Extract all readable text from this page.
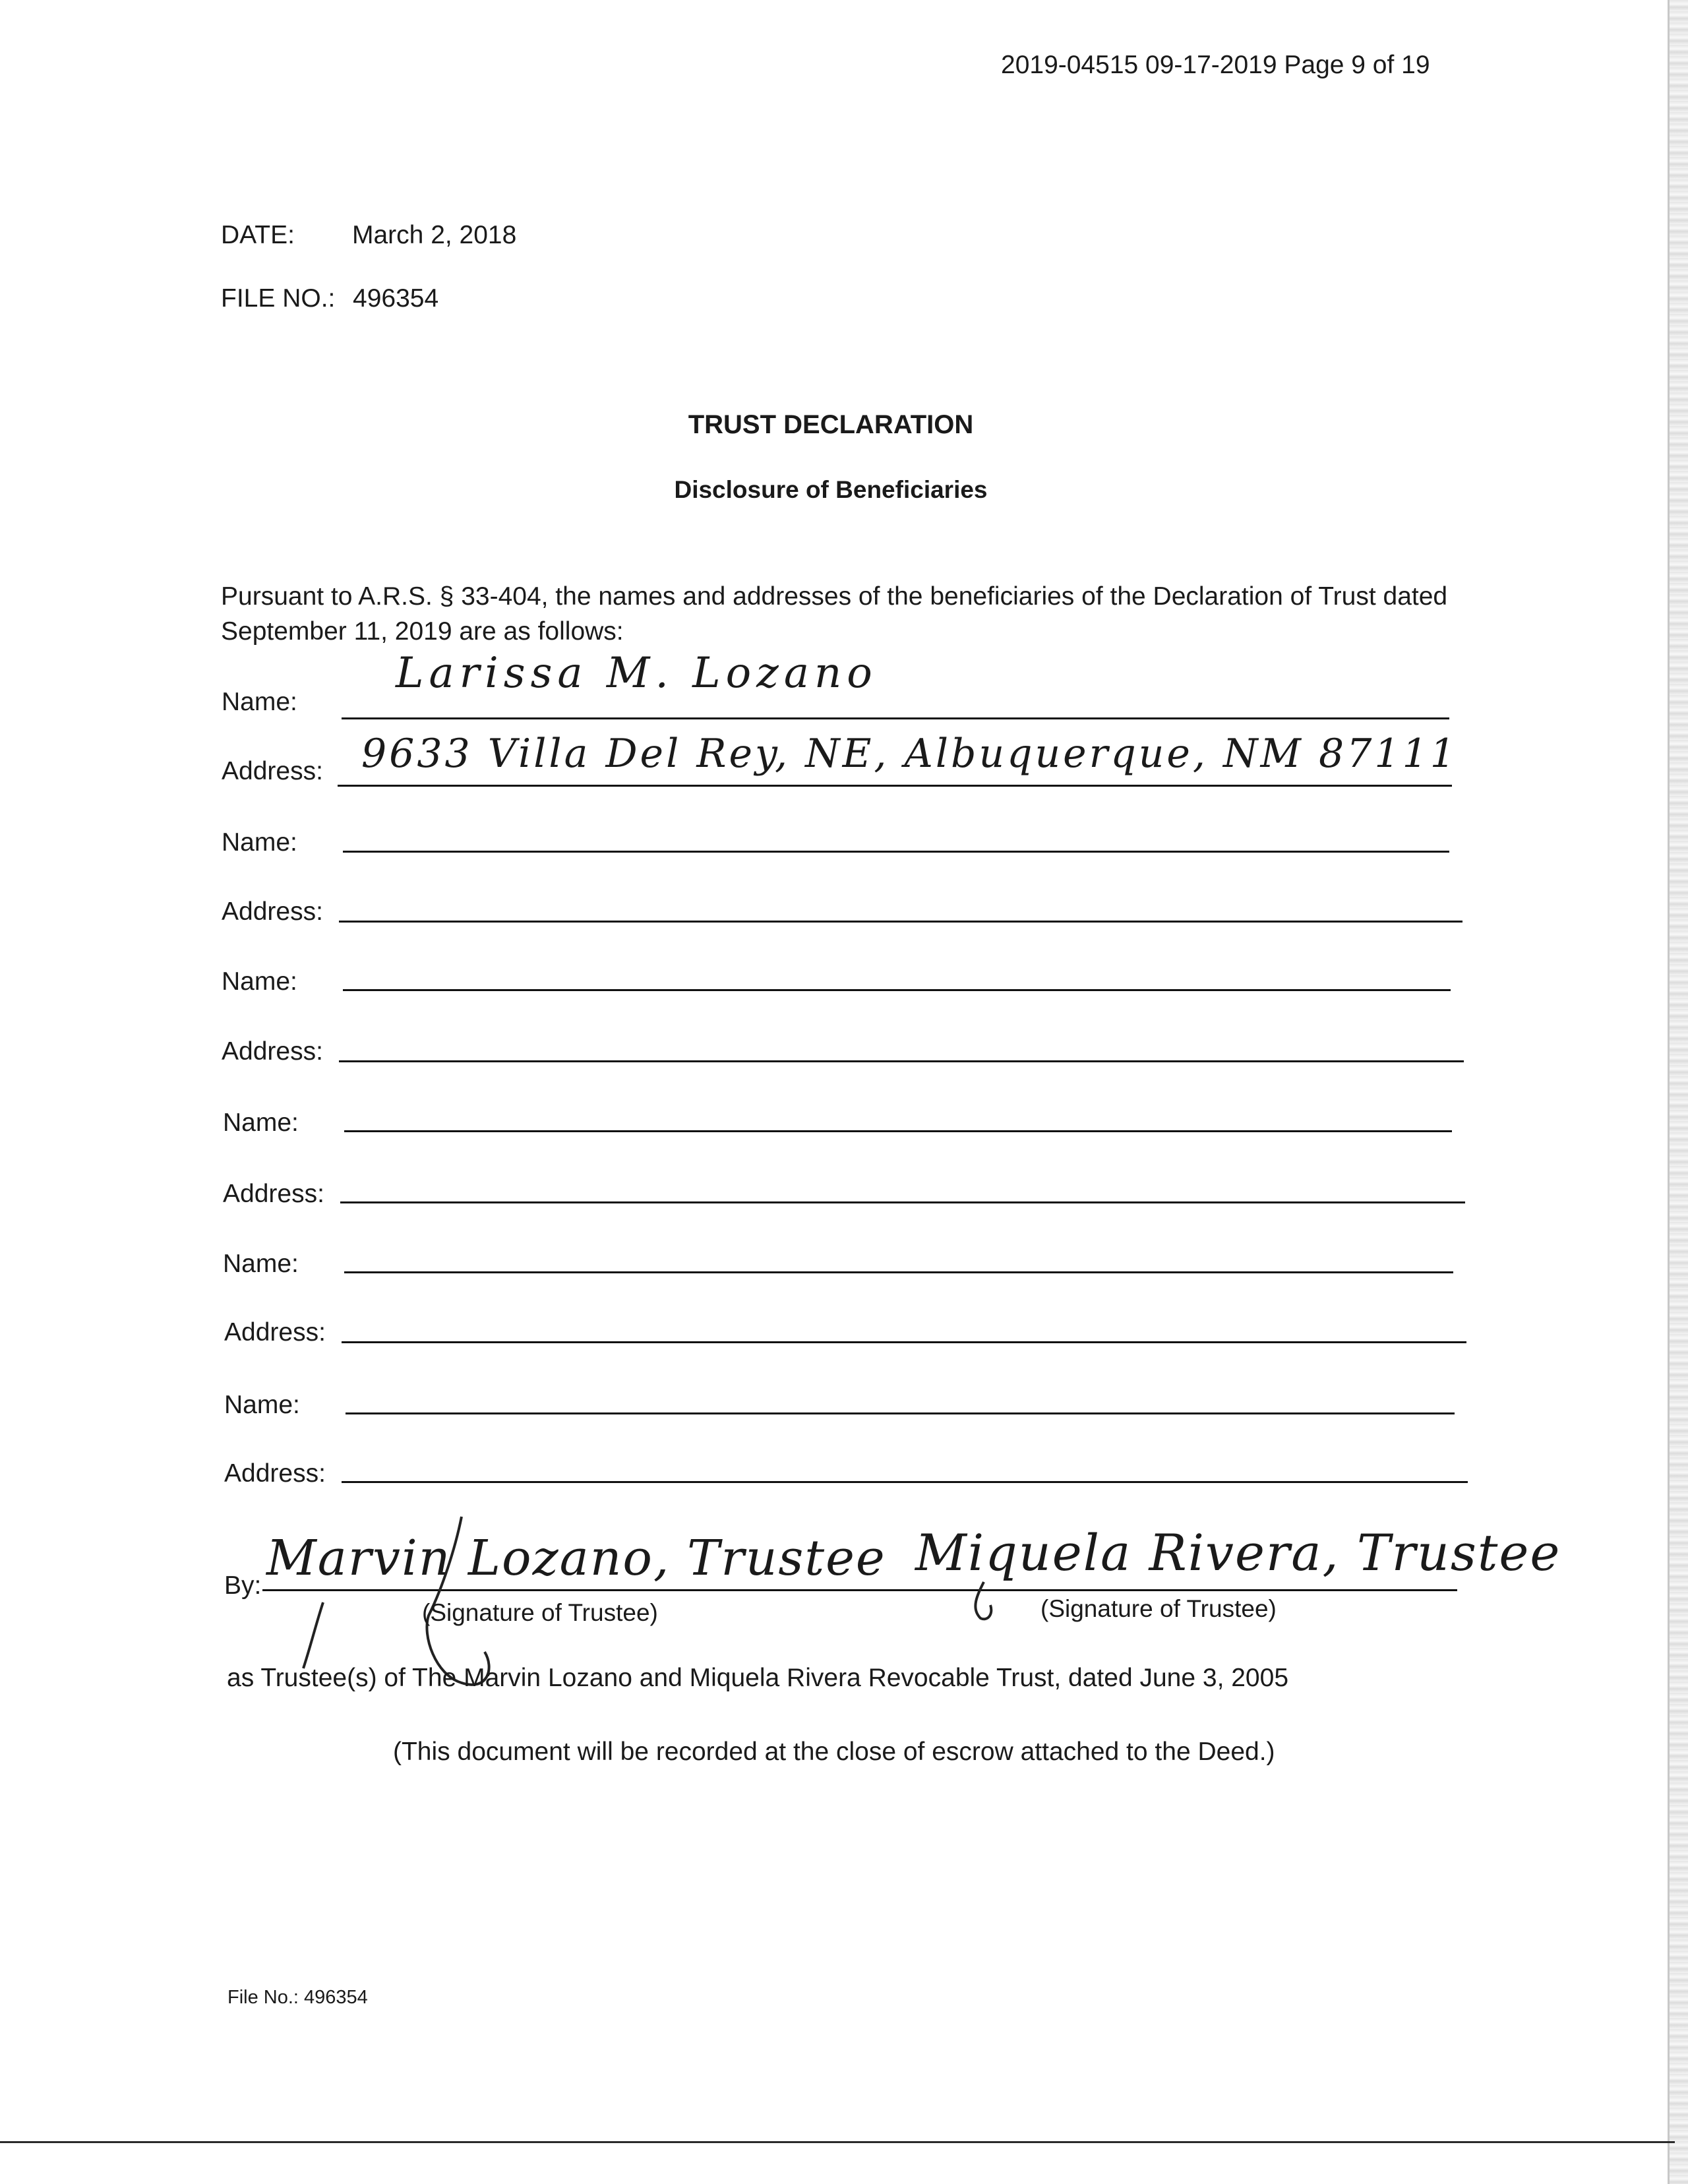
2019-04515 09-17-2019 Page 9 of 19
DATE: March 2, 2018
FILE NO.: 496354
TRUST DECLARATION
Disclosure of Beneficiaries
Pursuant to A.R.S. § 33-404, the names and addresses of the beneficiaries of the Declaration of Trust dated September 11, 2019 are as follows:
Name:
Larissa M. Lozano
Address: 9633 Villa Del Rey, NE, Albuquerque, NM 87111
Name:
Address:
Name:
Address:
Name:
Address:
Name:
Address:
Name:
Address:
By: Marvin Lozano, Trustee Miquela Rivera, Trustee
(Signature of Trustee)	(Signature of Trustee)
as Trustee(s) of The Marvin Lozano and Miquela Rivera Revocable Trust, dated June 3, 2005
(This document will be recorded at the close of escrow attached to the Deed.)
File No.: 496354
